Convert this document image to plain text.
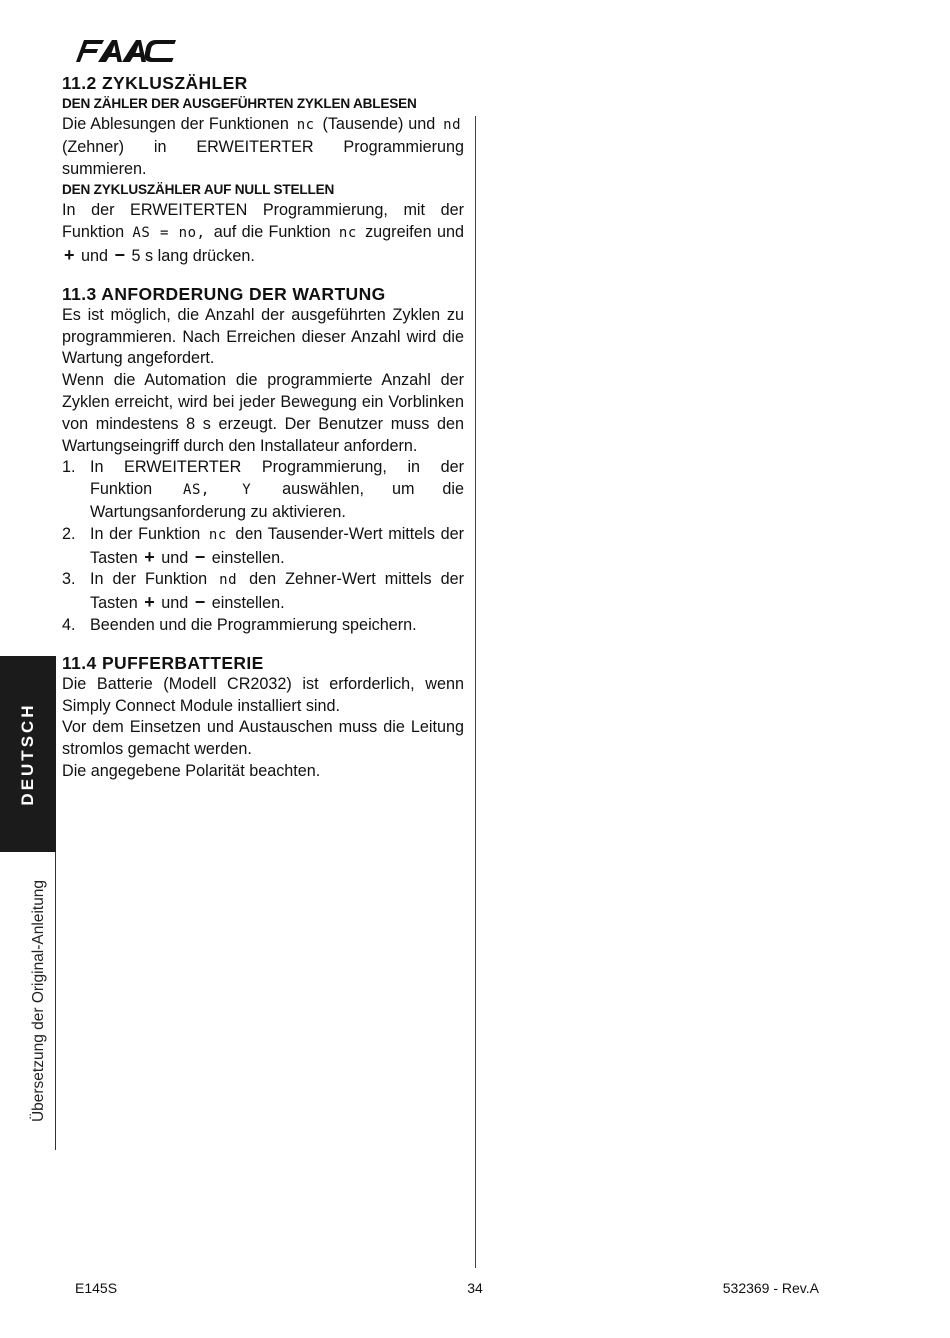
11.2 ZYKLUSZÄHLER
DEN ZÄHLER DER AUSGEFÜHRTEN ZYKLEN ABLESEN

Die Ablesungen der Funktionen nc (Tausende) und nd (Zehner) in ERWEITERTER Programmierung summieren.

DEN ZYKLUSZÄHLER AUF NULL STELLEN

In der ERWEITERTEN Programmierung, mit der Funktion AS = no, auf die Funktion nc zugreifen und + und − 5 s lang drücken.

11.3 ANFORDERUNG DER WARTUNG

Es ist möglich, die Anzahl der ausgeführten Zyklen zu programmieren. Nach Erreichen dieser Anzahl wird die Wartung angefordert.

Wenn die Automation die programmierte Anzahl der Zyklen erreicht, wird bei jeder Bewegung ein Vorblinken von mindestens 8 s erzeugt. Der Benutzer muss den Wartungseingriff durch den Installateur anfordern.

1. In ERWEITERTER Programmierung, in der Funktion AS, Y auswählen, um die Wartungsanforderung zu aktivieren.
2. In der Funktion nc den Tausender-Wert mittels der Tasten + und − einstellen.
3. In der Funktion nd den Zehner-Wert mittels der Tasten + und − einstellen.
4. Beenden und die Programmierung speichern.
11.4 PUFFERBATTERIE

Die Batterie (Modell CR2032) ist erforderlich, wenn Simply Connect Module installiert sind.

Vor dem Einsetzen und Austauschen muss die Leitung stromlos gemacht werden.

Die angegebene Polarität beachten.

DEUTSCH
Übersetzung der Original-Anleitung
E145S	34	532369 - Rev.A
